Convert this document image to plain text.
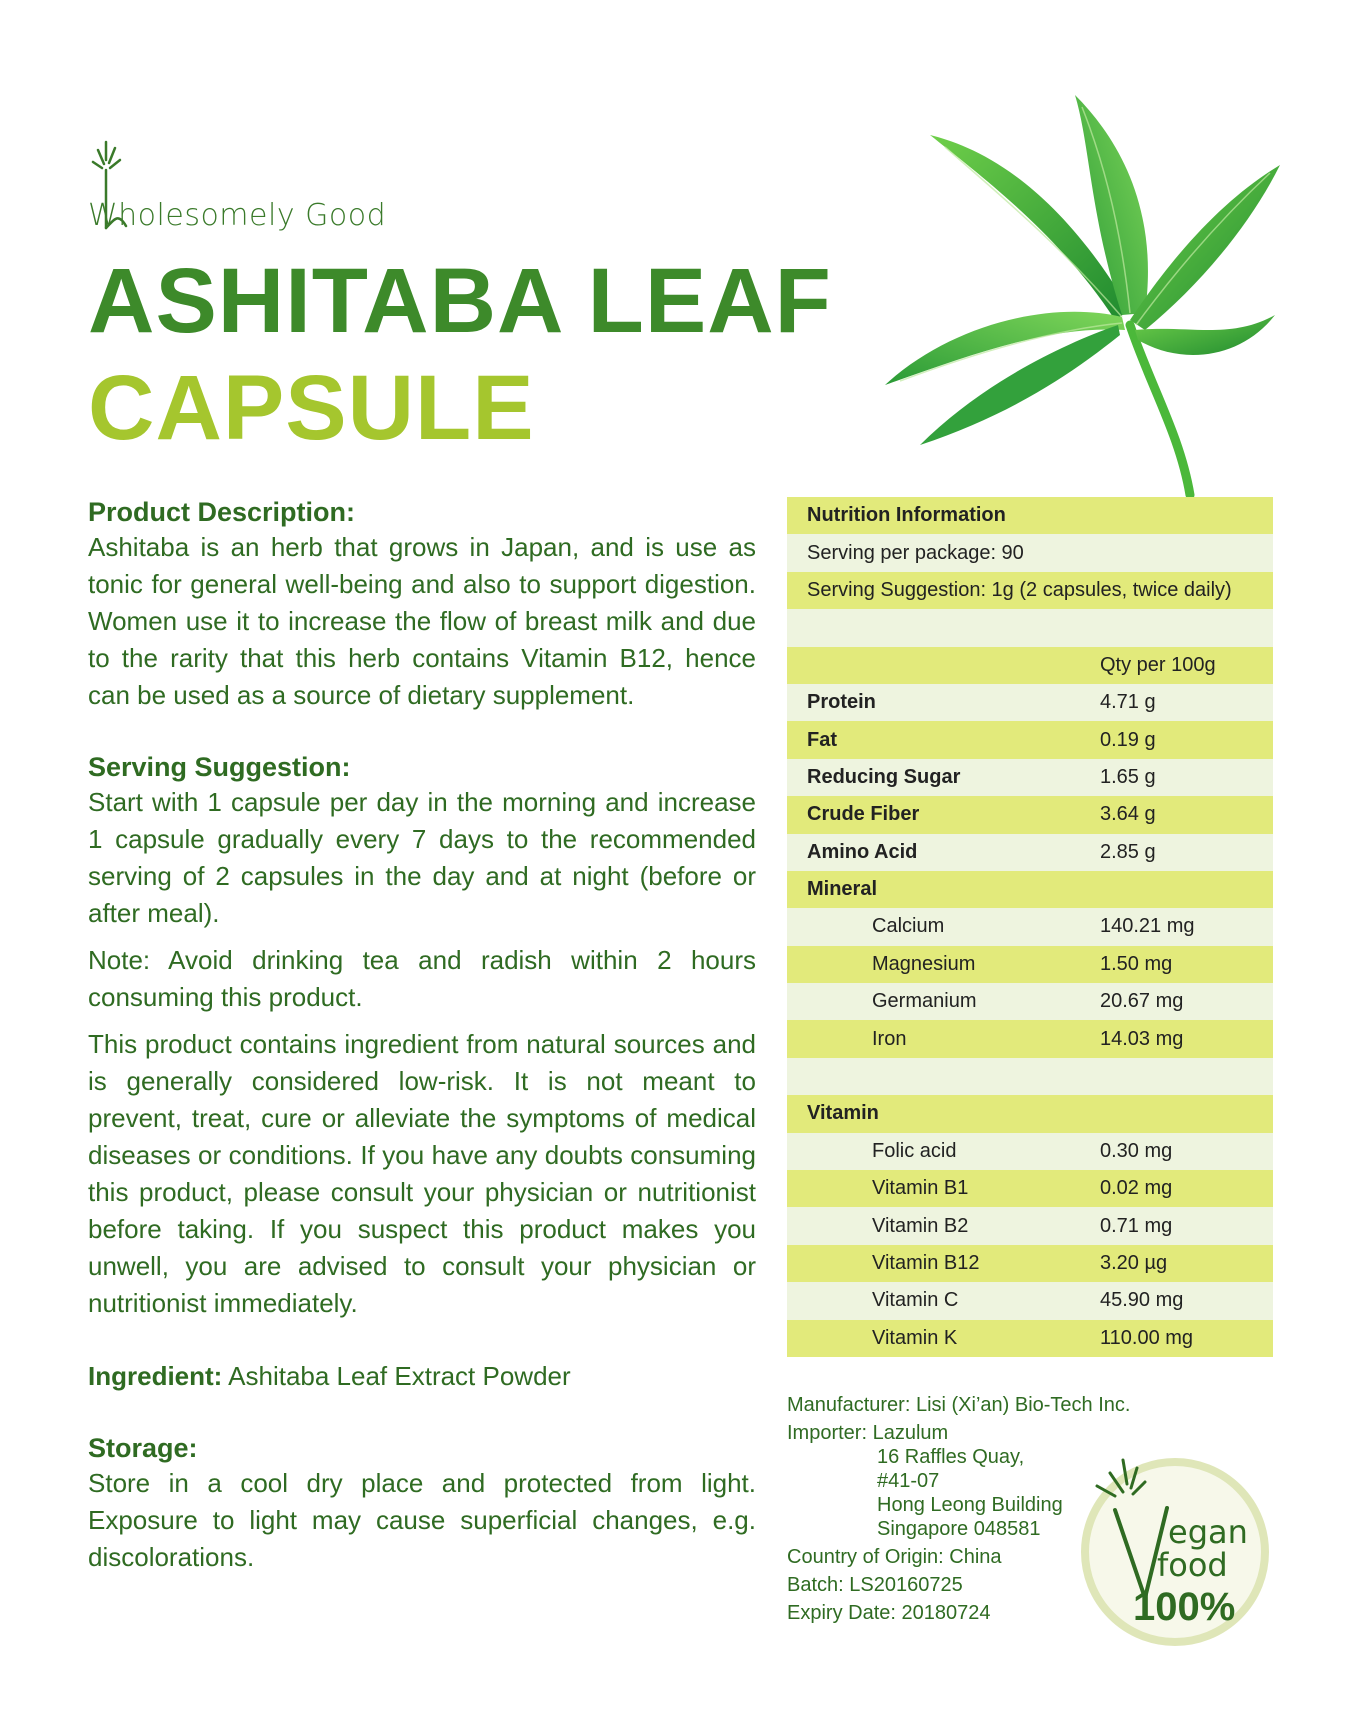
Wholesomely Good
ASHITABA LEAF
CAPSULE
Product Description:

Ashitaba is an herb that grows in Japan, and is use as tonic for general well-being and also to support digestion. Women use it to increase the flow of breast milk and due to the rarity that this herb contains Vitamin B12, hence can be used as a source of dietary supplement.

Serving Suggestion:

Start with 1 capsule per day in the morning and increase 1 capsule gradually every 7 days to the recommended serving of 2 capsules in the day and at night (before or after meal).

Note: Avoid drinking tea and radish within 2 hours consuming this product.

This product contains ingredient from natural sources and is generally considered low-risk. It is not meant to prevent, treat, cure or alleviate the symptoms of medical diseases or conditions. If you have any doubts consuming this product, please consult your physician or nutritionist before taking. If you suspect this product makes you unwell, you are advised to consult your physician or nutritionist immediately.

Ingredient: Ashitaba Leaf Extract Powder

Storage:

Store in a cool dry place and protected from light. Exposure to light may cause superficial changes, e.g. discolorations.

Nutrition Information
Serving per package: 90
Serving Suggestion: 1g (2 capsules, twice daily)
Qty per 100g
Protein	4.71 g
Fat	0.19 g
Reducing Sugar	1.65 g
Crude Fiber	3.64 g
Amino Acid	2.85 g
Mineral
Calcium	140.21 mg
Magnesium	1.50 mg
Germanium	20.67 mg
Iron	14.03 mg
Vitamin
Folic acid	0.30 mg
Vitamin B1	0.02 mg
Vitamin B2	0.71 mg
Vitamin B12	3.20 µg
Vitamin C	45.90 mg
Vitamin K	110.00 mg

Manufacturer: Lisi (Xi’an) Bio-Tech Inc.

Importer: Lazulum

16 Raffles Quay,

#41-07

Hong Leong Building

Singapore 048581

Country of Origin: China

Batch: LS20160725

Expiry Date: 20180724

egan
food
100%
